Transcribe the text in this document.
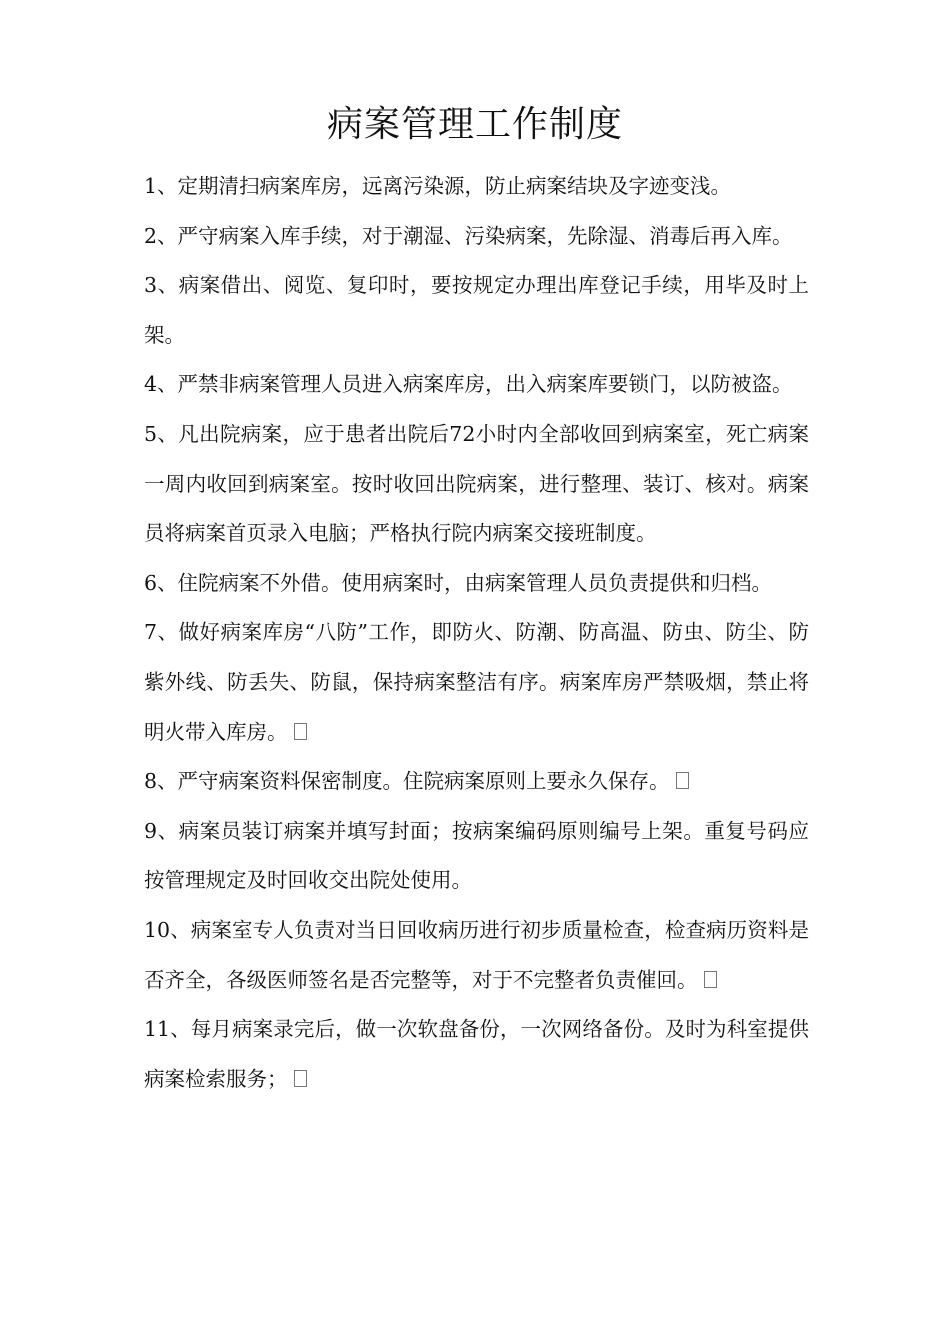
病案管理工作制度

1、定期清扫病案库房，远离污染源，防止病案结块及字迹变浅。

2、严守病案入库手续，对于潮湿、污染病案，先除湿、消毒后再入库。

3、病案借出、阅览、复印时，要按规定办理出库登记手续，用毕及时上架。

4、严禁非病案管理人员进入病案库房，出入病案库要锁门，以防被盗。

5、凡出院病案，应于患者出院后72小时内全部收回到病案室，死亡病案一周内收回到病案室。按时收回出院病案，进行整理、装订、核对。病案员将病案首页录入电脑；严格执行院内病案交接班制度。

6、住院病案不外借。使用病案时，由病案管理人员负责提供和归档。

7、做好病案库房“八防”工作，即防火、防潮、防高温、防虫、防尘、防紫外线、防丢失、防鼠，保持病案整洁有序。病案库房严禁吸烟，禁止将明火带入库房。

8、严守病案资料保密制度。住院病案原则上要永久保存。

9、病案员装订病案并填写封面；按病案编码原则编号上架。重复号码应按管理规定及时回收交出院处使用。

10、病案室专人负责对当日回收病历进行初步质量检查，检查病历资料是否齐全，各级医师签名是否完整等，对于不完整者负责催回。

11、每月病案录完后，做一次软盘备份，一次网络备份。及时为科室提供病案检索服务；
